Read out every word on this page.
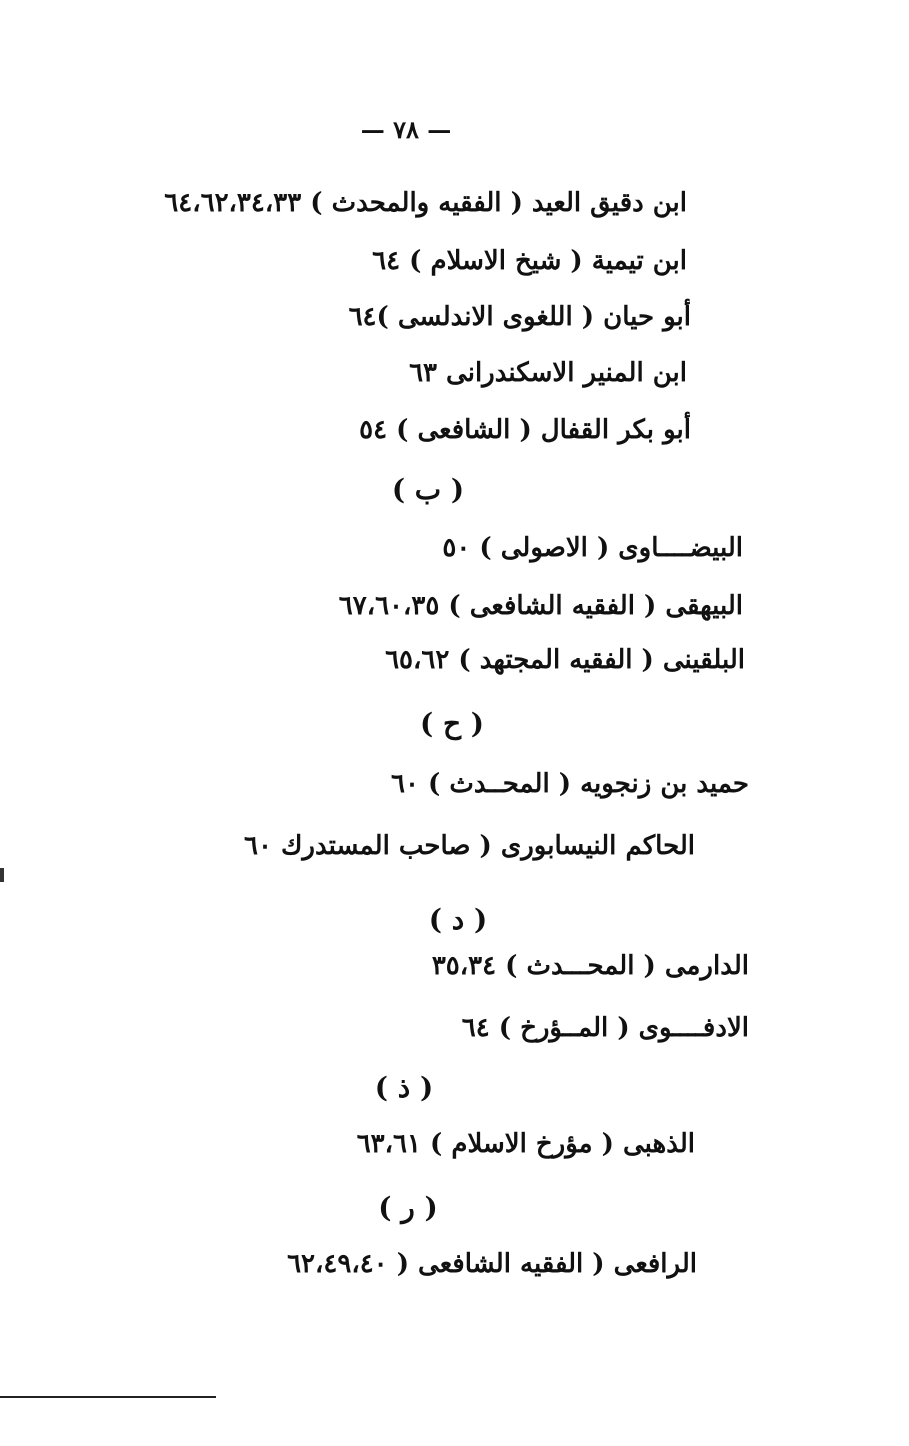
— ٧٨ —
ابن دقيق العيد ( الفقيه والمحدث ) ٦٤،٦٢،٣٤،٣٣
ابن تيمية ( شيخ الاسلام ) ٦٤
أبو حيان ( اللغوى الاندلسى )٦٤
ابن المنير الاسكندرانى ٦٣
أبو بكر القفال ( الشافعى ) ٥٤
( ب )
البيضــــاوى ( الاصولى ) ٥٠
البيهقى ( الفقيه الشافعى ) ٦٧،٦٠،٣٥
البلقينى ( الفقيه المجتهد ) ٦٥،٦٢
( ح )
حميد بن زنجويه ( المحــدث ) ٦٠
الحاكم النيسابورى ( صاحب المستدرك ٦٠
( د )
الدارمى ( المحـــدث ) ٣٥،٣٤
الادفــــوى ( المــؤرخ ) ٦٤
( ذ )
الذهبى ( مؤرخ الاسلام ) ٦٣،٦١
( ر )
الرافعى ( الفقيه الشافعى ( ٦٢،٤٩،٤٠
